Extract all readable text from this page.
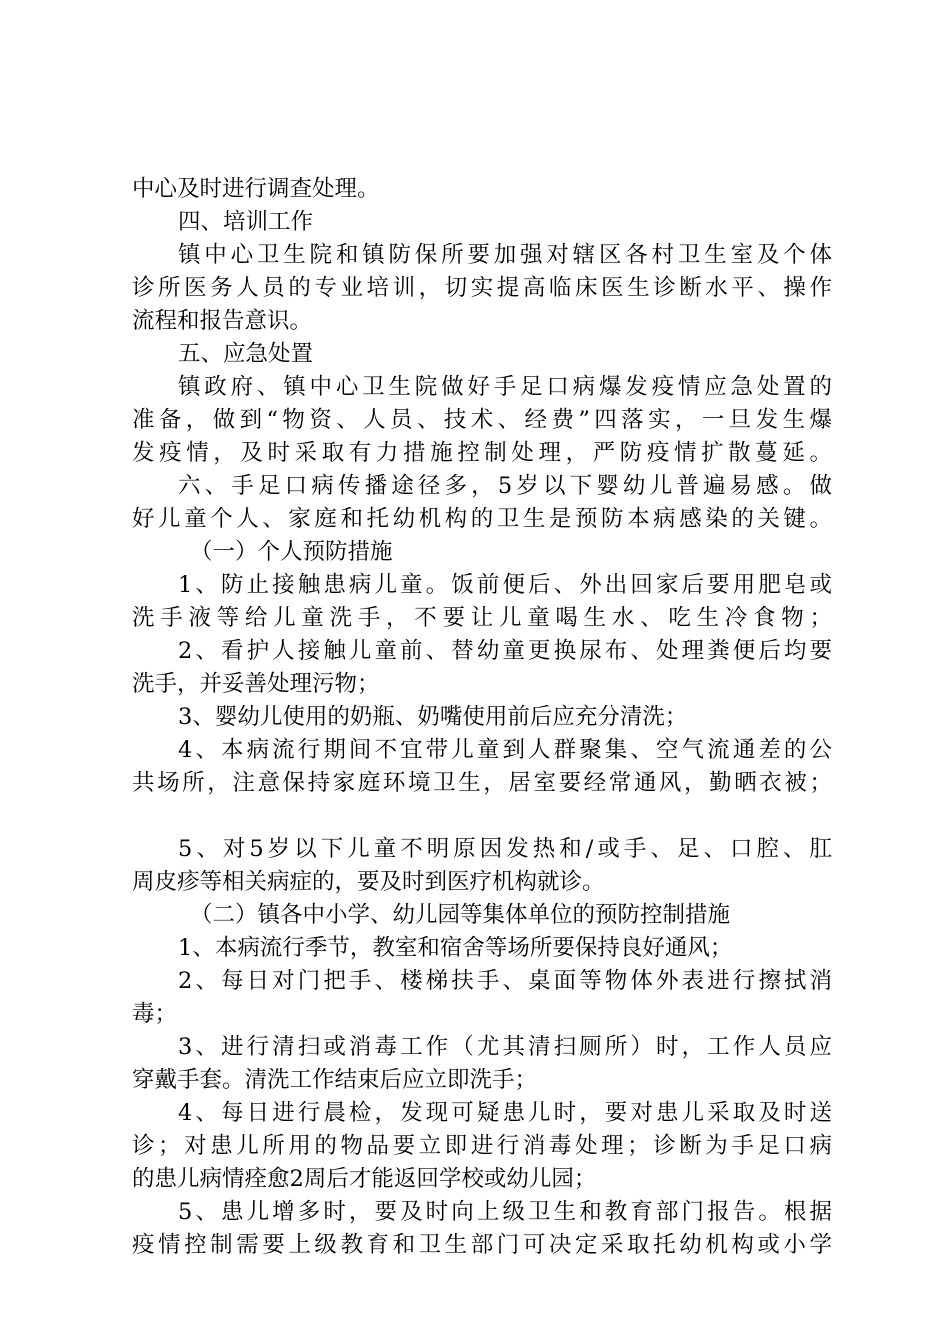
中心及时进行调查处理。
四、培训工作
镇中心卫生院和镇防保所要加强对辖区各村卫生室及个体
诊所医务人员的专业培训，切实提高临床医生诊断水平、操作
流程和报告意识。
五、应急处置
镇政府、镇中心卫生院做好手足口病爆发疫情应急处置的
准备，做到“物资、人员、技术、经费”四落实，一旦发生爆
发疫情，及时采取有力措施控制处理，严防疫情扩散蔓延。
六、手足口病传播途径多，5岁以下婴幼儿普遍易感。做
好儿童个人、家庭和托幼机构的卫生是预防本病感染的关键。
（一）个人预防措施
1、防止接触患病儿童。饭前便后、外出回家后要用肥皂或
洗手液等给儿童洗手，不要让儿童喝生水、吃生冷食物；
2、看护人接触儿童前、替幼童更换尿布、处理粪便后均要
洗手，并妥善处理污物；
3、婴幼儿使用的奶瓶、奶嘴使用前后应充分清洗；
4、本病流行期间不宜带儿童到人群聚集、空气流通差的公
共场所，注意保持家庭环境卫生，居室要经常通风，勤晒衣被；
5、对5岁以下儿童不明原因发热和/或手、足、口腔、肛
周皮疹等相关病症的，要及时到医疗机构就诊。
（二）镇各中小学、幼儿园等集体单位的预防控制措施
1、本病流行季节，教室和宿舍等场所要保持良好通风；
2、每日对门把手、楼梯扶手、桌面等物体外表进行擦拭消
毒；
3、进行清扫或消毒工作（尤其清扫厕所）时，工作人员应
穿戴手套。清洗工作结束后应立即洗手；
4、每日进行晨检，发现可疑患儿时，要对患儿采取及时送
诊；对患儿所用的物品要立即进行消毒处理；诊断为手足口病
的患儿病情痊愈2周后才能返回学校或幼儿园；
5、患儿增多时，要及时向上级卫生和教育部门报告。根据
疫情控制需要上级教育和卫生部门可决定采取托幼机构或小学
